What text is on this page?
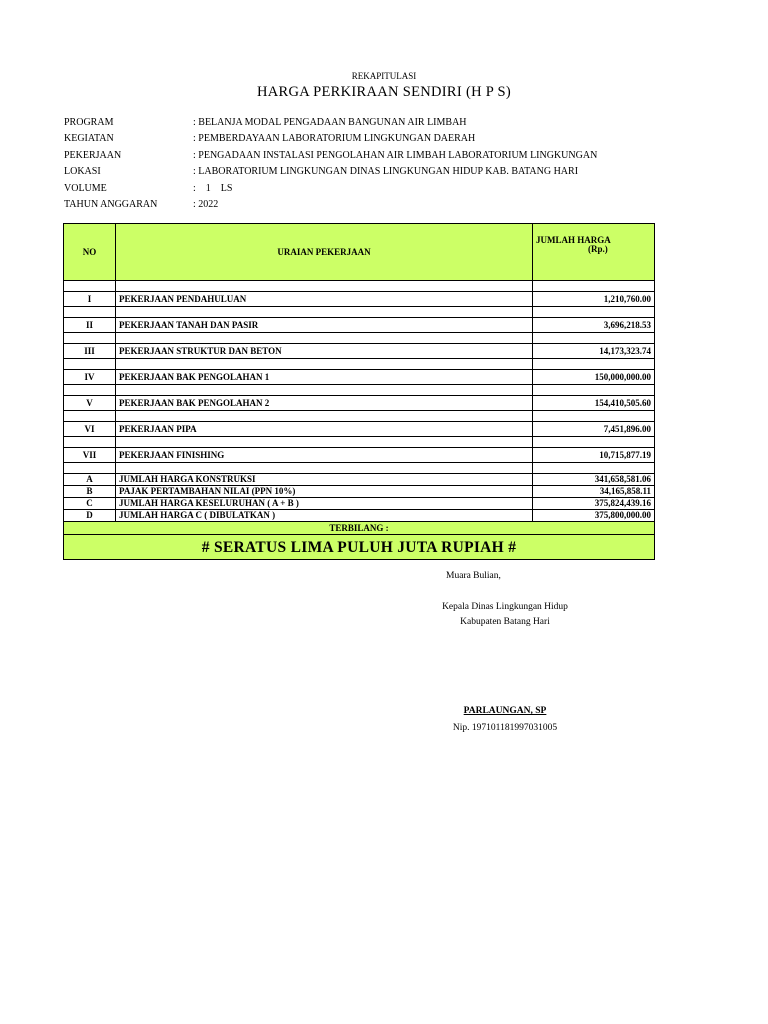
REKAPITULASI
HARGA PERKIRAAN SENDIRI (H P S)
PROGRAM	: BELANJA MODAL PENGADAAN BANGUNAN AIR LIMBAH
KEGIATAN	: PEMBERDAYAAN LABORATORIUM LINGKUNGAN DAERAH
PEKERJAAN	: PENGADAAN INSTALASI PENGOLAHAN AIR LIMBAH LABORATORIUM LINGKUNGAN
LOKASI	: LABORATORIUM LINGKUNGAN DINAS LINGKUNGAN HIDUP KAB. BATANG HARI
VOLUME	:    1    LS
TAHUN ANGGARAN	: 2022
NO	URAIAN PEKERJAAN	JUMLAH HARGA
(Rp.)

I	PEKERJAAN PENDAHULUAN	1,210,760.00

II	PEKERJAAN TANAH DAN PASIR	3,696,218.53

III	PEKERJAAN STRUKTUR DAN BETON	14,173,323.74

IV	PEKERJAAN BAK PENGOLAHAN 1	150,000,000.00

V	PEKERJAAN BAK PENGOLAHAN 2	154,410,505.60

VI	PEKERJAAN PIPA	7,451,896.00

VII	PEKERJAAN FINISHING	10,715,877.19

A	JUMLAH HARGA KONSTRUKSI	341,658,581.06
B	PAJAK PERTAMBAHAN NILAI (PPN 10%)	34,165,858.11
C	JUMLAH HARGA KESELURUHAN ( A + B )	375,824,439.16
D	JUMLAH HARGA C ( DIBULATKAN )	375,800,000.00
TERBILANG :		
# SERATUS LIMA PULUH JUTA RUPIAH #		
Muara Bulian,
Kepala Dinas Lingkungan Hidup
Kabupaten Batang Hari
PARLAUNGAN, SP
Nip. 197101181997031005
